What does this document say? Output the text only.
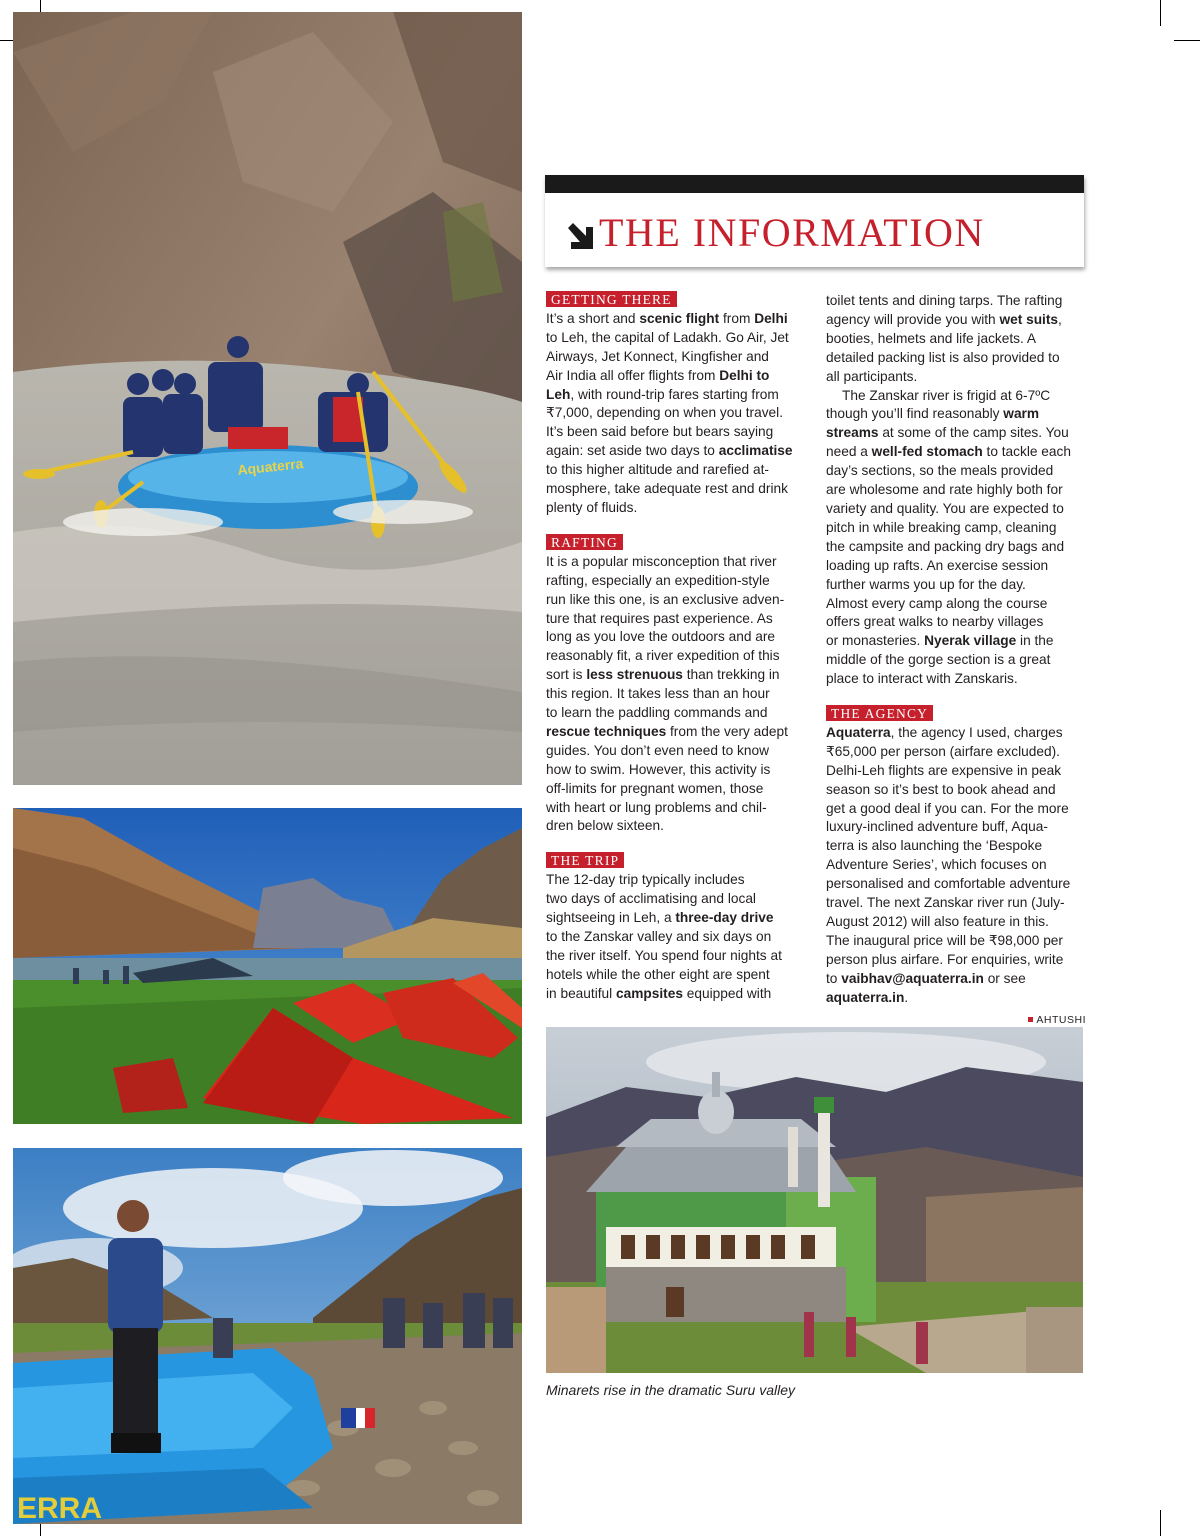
Aquaterra
ERRA
THE INFORMATION
GETTING THERE

It’s a short and scenic flight from Delhi
to Leh, the capital of Ladakh. Go Air, Jet
Airways, Jet Konnect, Kingfisher and
Air India all offer flights from Delhi to
Leh, with round-trip fares starting from
₹7,000, depending on when you travel.
It’s been said before but bears saying
again: set aside two days to acclimatise
to this higher altitude and rarefied at-
mosphere, take adequate rest and drink
plenty of fluids.

RAFTING

It is a popular misconception that river
rafting, especially an expedition-style
run like this one, is an exclusive adven-
ture that requires past experience. As
long as you love the outdoors and are
reasonably fit, a river expedition of this
sort is less strenuous than trekking in
this region. It takes less than an hour
to learn the paddling commands and
rescue techniques from the very adept
guides. You don’t even need to know
how to swim. However, this activity is
off-limits for pregnant women, those
with heart or lung problems and chil-
dren below sixteen.

THE TRIP

The 12-day trip typically includes
two days of acclimatising and local
sightseeing in Leh, a three-day drive
to the Zanskar valley and six days on
the river itself. You spend four nights at
hotels while the other eight are spent
in beautiful campsites equipped with

toilet tents and dining tarps. The rafting
agency will provide you with wet suits,
booties, helmets and life jackets. A
detailed packing list is also provided to
all participants.

The Zanskar river is frigid at 6-7ºC
though you’ll find reasonably warm
streams at some of the camp sites. You
need a well-fed stomach to tackle each
day’s sections, so the meals provided
are wholesome and rate highly both for
variety and quality. You are expected to
pitch in while breaking camp, cleaning
the campsite and packing dry bags and
loading up rafts. An exercise session
further warms you up for the day.
Almost every camp along the course
offers great walks to nearby villages
or monasteries. Nyerak village in the
middle of the gorge section is a great
place to interact with Zanskaris.

THE AGENCY

Aquaterra, the agency I used, charges
₹65,000 per person (airfare excluded).
Delhi-Leh flights are expensive in peak
season so it’s best to book ahead and
get a good deal if you can. For the more
luxury-inclined adventure buff, Aqua-
terra is also launching the ‘Bespoke
Adventure Series’, which focuses on
personalised and comfortable adventure
travel. The next Zanskar river run (July-
August 2012) will also feature in this.
The inaugural price will be ₹98,000 per
person plus airfare. For enquiries, write
to vaibhav@aquaterra.in or see aquaterra.in.

AHTUSHI
Minarets rise in the dramatic Suru valley
